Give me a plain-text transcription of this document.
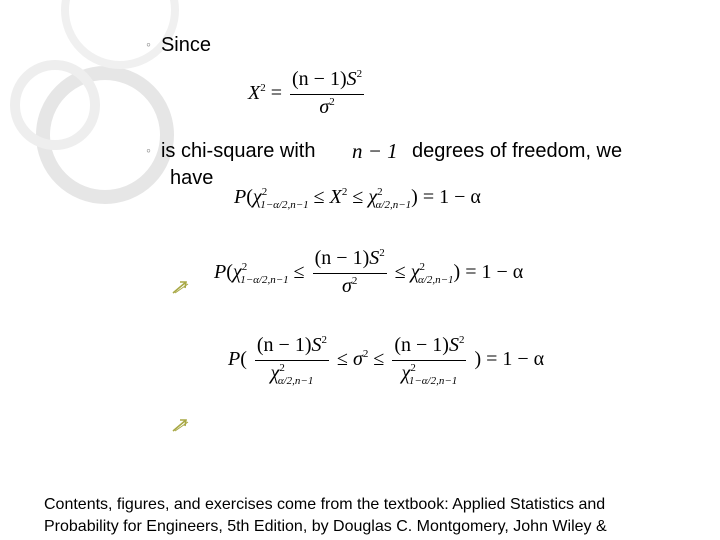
◦ Since
$X^2 = \frac{(n - 1)S^2}{\sigma^2}$
◦ is chi-square with n − 1 degrees of freedom, we
have
$P(\chi^2_{1-\alpha/2,n-1} \le X^2 \le \chi^2_{\alpha/2,n-1}) = 1 - \alpha$
$P(\chi^2_{1-\alpha/2,n-1} \le \frac{(n - 1)S^2}{\sigma^2} \le \chi^2_{\alpha/2,n-1}) = 1 - \alpha$
$P( \frac{(n - 1)S^2}{\chi^2_{\alpha/2,n-1}} \le \sigma^2 \le \frac{(n - 1)S^2}{\chi^2_{1-\alpha/2,n-1}}$ ) = 1 − α
Contents, figures, and exercises come from the textbook: Applied Statistics and
Probability for Engineers, 5th Edition, by Douglas C. Montgomery, John Wiley &
